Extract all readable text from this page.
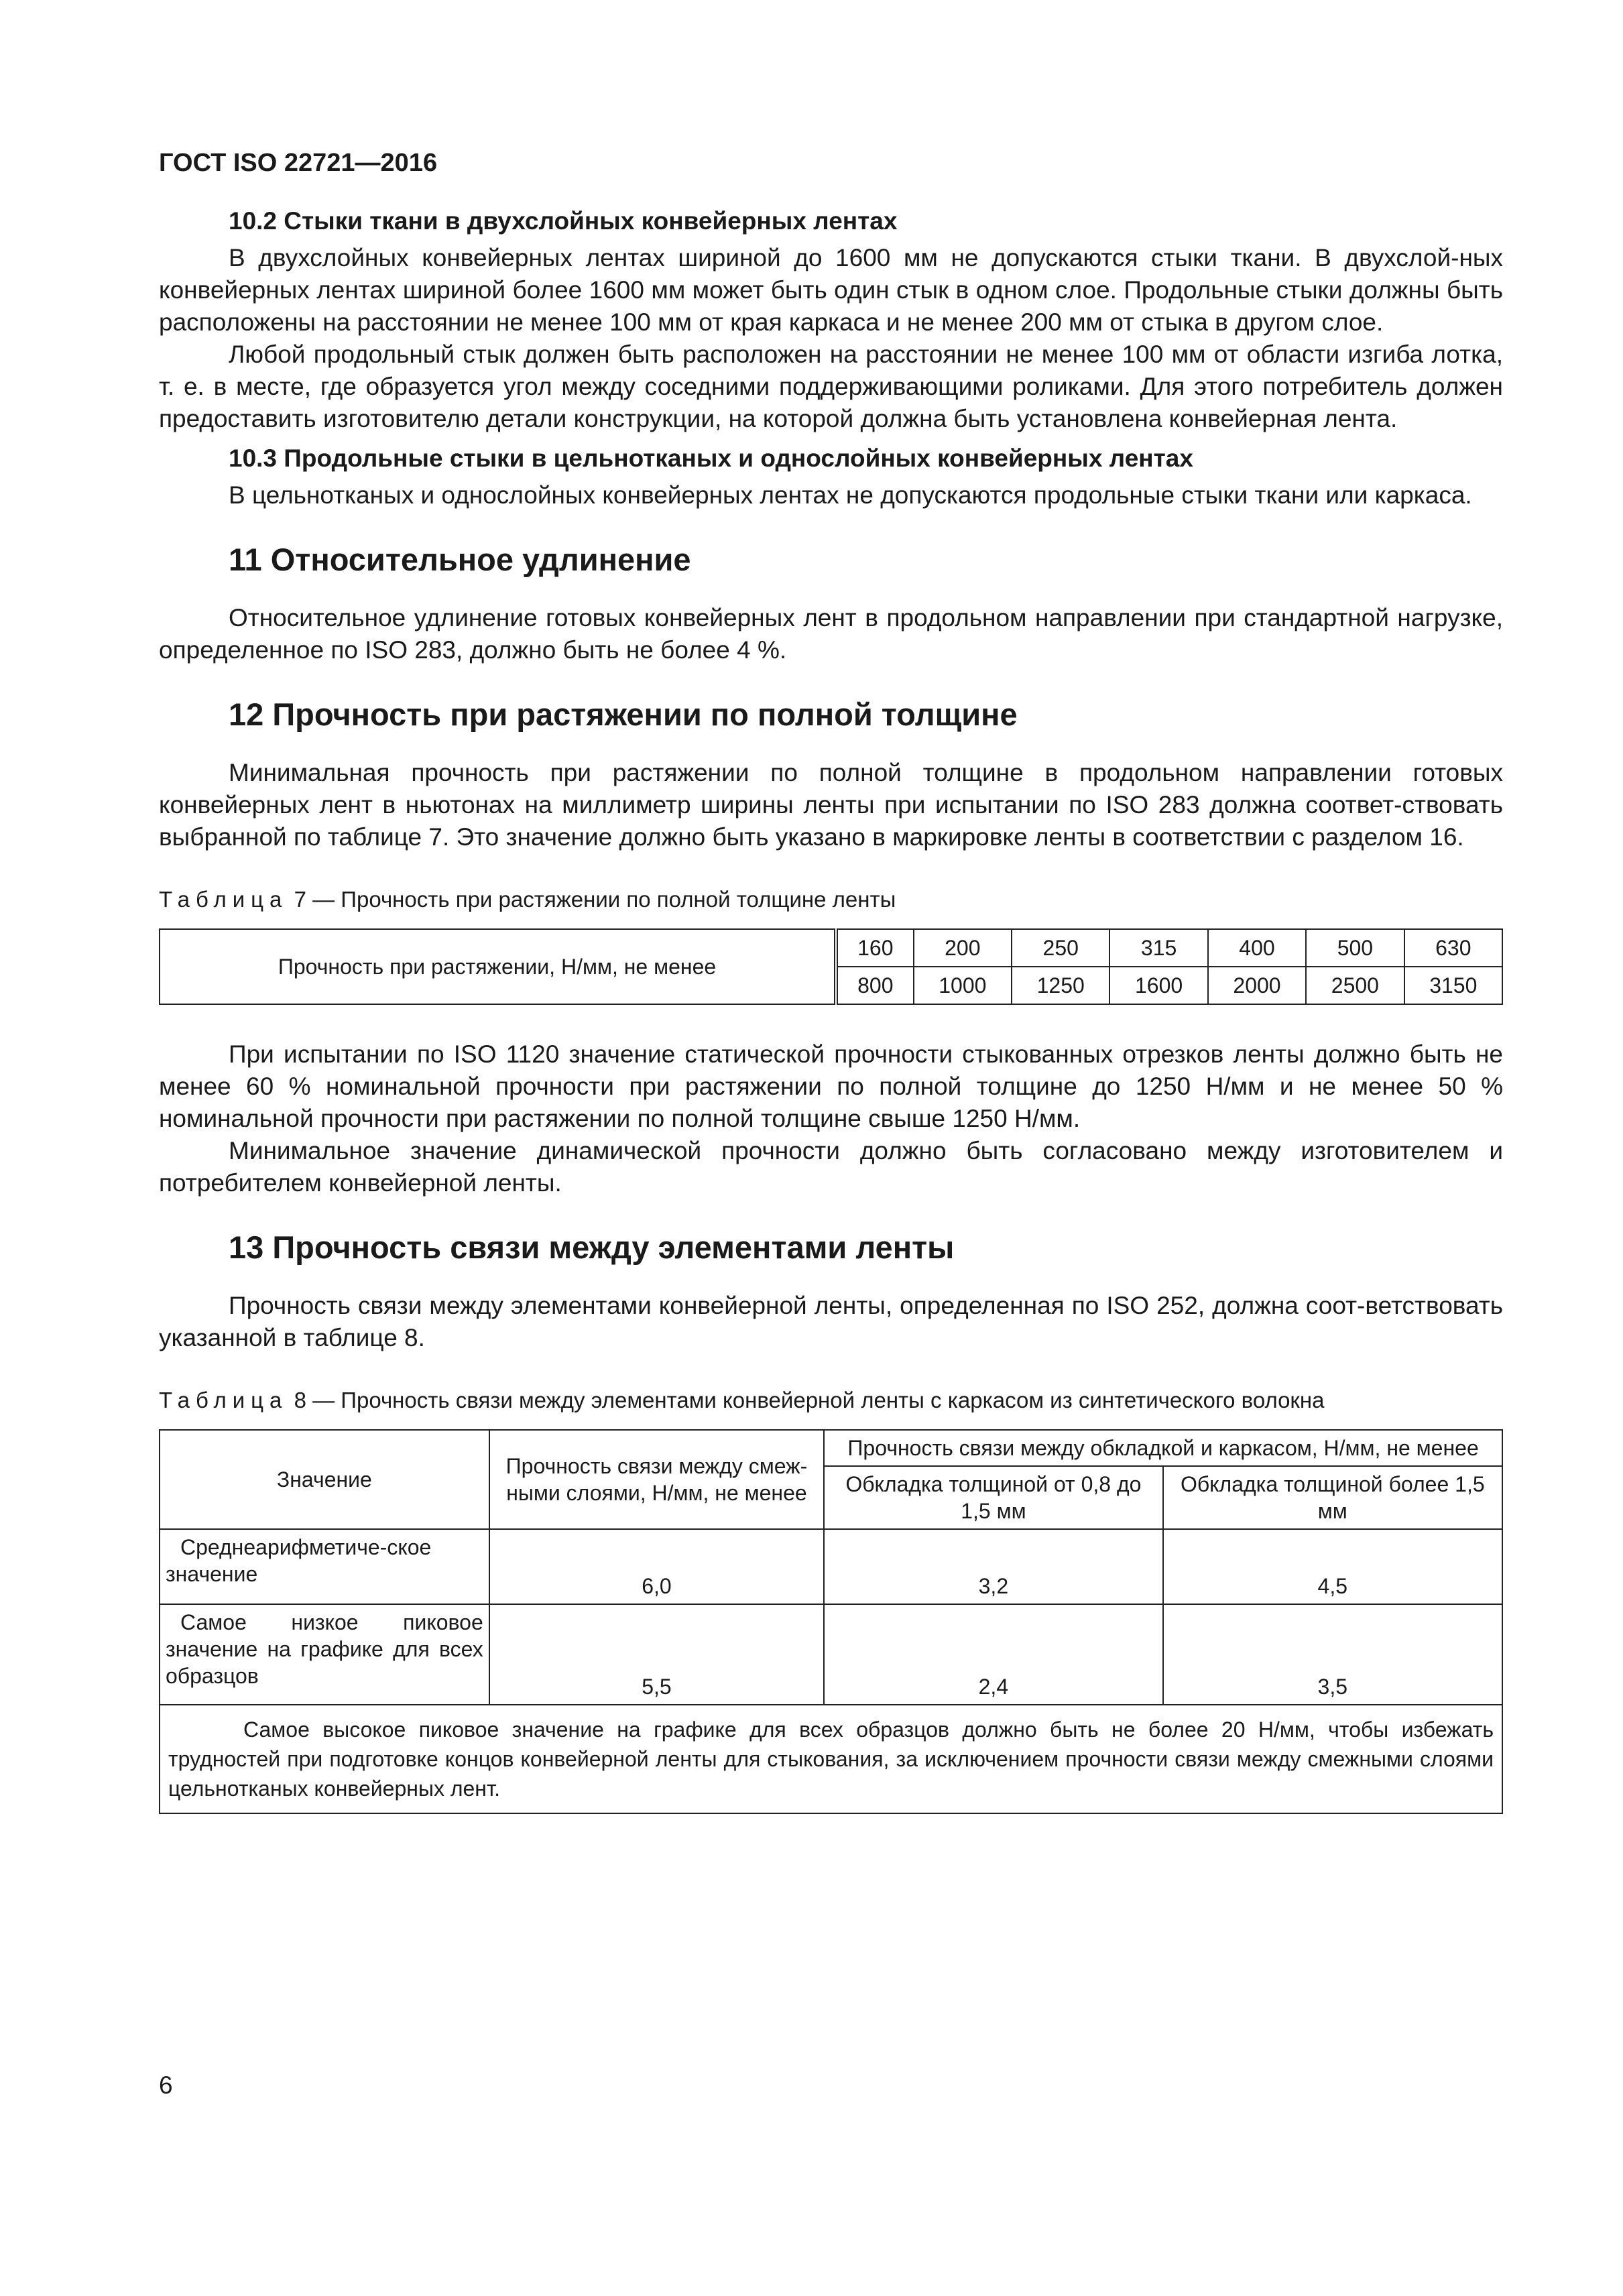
ГОСТ ISO 22721—2016
10.2 Стыки ткани в двухслойных конвейерных лентах

В двухслойных конвейерных лентах шириной до 1600 мм не допускаются стыки ткани. В двухслой-ных конвейерных лентах шириной более 1600 мм может быть один стык в одном слое. Продольные стыки должны быть расположены на расстоянии не менее 100 мм от края каркаса и не менее 200 мм от стыка в другом слое.

Любой продольный стык должен быть расположен на расстоянии не менее 100 мм от области изгиба лотка, т. е. в месте, где образуется угол между соседними поддерживающими роликами. Для этого потребитель должен предоставить изготовителю детали конструкции, на которой должна быть установлена конвейерная лента.

10.3 Продольные стыки в цельнотканых и однослойных конвейерных лентах

В цельнотканых и однослойных конвейерных лентах не допускаются продольные стыки ткани или каркаса.

11 Относительное удлинение

Относительное удлинение готовых конвейерных лент в продольном направлении при стандартной нагрузке, определенное по ISO 283, должно быть не более 4 %.

12 Прочность при растяжении по полной толщине

Минимальная прочность при растяжении по полной толщине в продольном направлении готовых конвейерных лент в ньютонах на миллиметр ширины ленты при испытании по ISO 283 должна соответ-ствовать выбранной по таблице 7. Это значение должно быть указано в маркировке ленты в соответствии с разделом 16.

Таблица 7 — Прочность при растяжении по полной толщине ленты
Прочность при растяжении, Н/мм, не менее	160	200	250	315	400	500	630
	800	1000	1250	1600	2000	2500	3150

При испытании по ISO 1120 значение статической прочности стыкованных отрезков ленты должно быть не менее 60 % номинальной прочности при растяжении по полной толщине до 1250 Н/мм и не менее 50 % номинальной прочности при растяжении по полной толщине свыше 1250 Н/мм.

Минимальное значение динамической прочности должно быть согласовано между изготовителем и потребителем конвейерной ленты.

13 Прочность связи между элементами ленты

Прочность связи между элементами конвейерной ленты, определенная по ISO 252, должна соот-ветствовать указанной в таблице 8.

Таблица 8 — Прочность связи между элементами конвейерной ленты с каркасом из синтетического волокна
Значение	Прочность связи между смеж-ными слоями, Н/мм, не менее	Прочность связи между обкладкой и каркасом, Н/мм, не менее	
		Обкладка толщиной от 0,8 до 1,5 мм	Обкладка толщиной более 1,5 мм
Среднеарифметиче-ское значение	6,0	3,2	4,5
Самое низкое пиковое значение на графике для всех образцов	5,5	2,4	3,5
Самое высокое пиковое значение на графике для всех образцов должно быть не более 20 Н/мм, чтобы избежать трудностей при подготовке концов конвейерной ленты для стыкования, за исключением прочности связи между смежными слоями цельнотканых конвейерных лент.			
6
